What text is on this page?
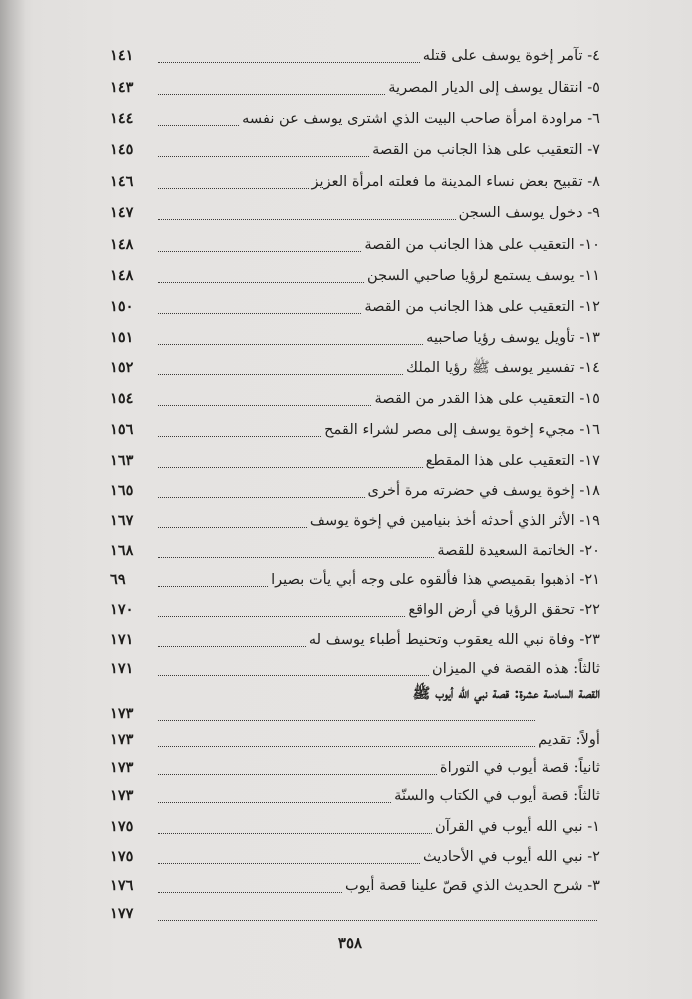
٤- تآمر إخوة يوسف على قتله
١٤١
٥- انتقال يوسف إلى الديار المصرية
١٤٣
٦- مراودة امرأة صاحب البيت الذي اشترى يوسف عن نفسه
١٤٤
٧- التعقيب على هذا الجانب من القصة
١٤٥
٨- تقبيح بعض نساء المدينة ما فعلته امرأة العزيز
١٤٦
٩- دخول يوسف السجن
١٤٧
١٠- التعقيب على هذا الجانب من القصة
١٤٨
١١- يوسف يستمع لرؤيا صاحبي السجن
١٤٨
١٢- التعقيب على هذا الجانب من القصة
١٥٠
١٣- تأويل يوسف رؤيا صاحبيه
١٥١
١٤- تفسير يوسف ﷺ رؤيا الملك
١٥٢
١٥- التعقيب على هذا القدر من القصة
١٥٤
١٦- مجيء إخوة يوسف إلى مصر لشراء القمح
١٥٦
١٧- التعقيب على هذا المقطع
١٦٣
١٨- إخوة يوسف في حضرته مرة أخرى
١٦٥
١٩- الأثر الذي أحدثه أخذ بنيامين في إخوة يوسف
١٦٧
٢٠- الخاتمة السعيدة للقصة
١٦٨
٢١- اذهبوا بقميصي هذا فألقوه على وجه أبي يأت بصيرا
٦٩
٢٢- تحقق الرؤيا في أرض الواقع
١٧٠
٢٣- وفاة نبي الله يعقوب وتحنيط أطباء يوسف له
١٧١
ثالثاً: هذه القصة في الميزان
١٧١
القصة السادسة عشرة: قصة نبي الله أيوب ﷺ
١٧٣
أولاً: تقديم
١٧٣
ثانياً: قصة أيوب في التوراة
١٧٣
ثالثاً: قصة أيوب في الكتاب والسنّة
١٧٣
١- نبي الله أيوب في القرآن
١٧٥
٢- نبي الله أيوب في الأحاديث
١٧٥
٣- شرح الحديث الذي قصّ علينا قصة أيوب
١٧٦
١٧٧
٣٥٨
